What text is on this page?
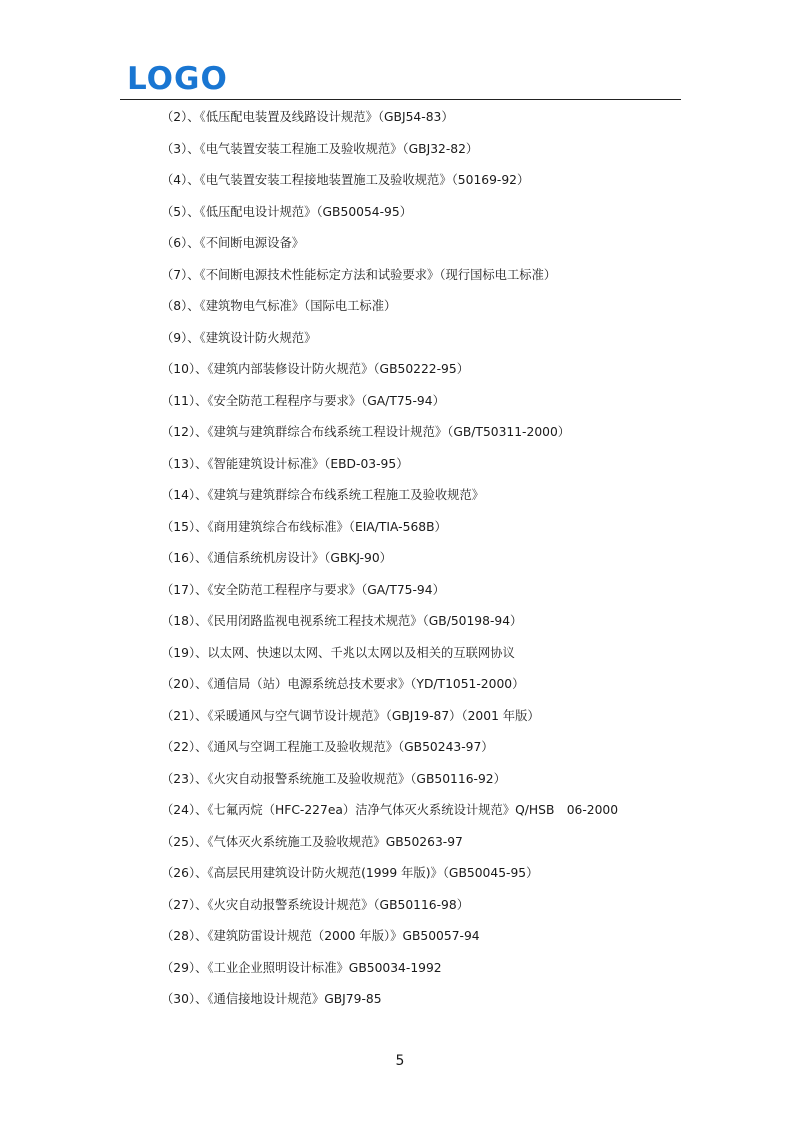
LOGO
（2）、《低压配电装置及线路设计规范》（GBJ54-83）
（3）、《电气装置安装工程施工及验收规范》（GBJ32-82）
（4）、《电气装置安装工程接地装置施工及验收规范》（50169-92）
（5）、《低压配电设计规范》（GB50054-95）
（6）、《不间断电源设备》
（7）、《不间断电源技术性能标定方法和试验要求》（现行国标电工标准）
（8）、《建筑物电气标准》（国际电工标准）
（9）、《建筑设计防火规范》
（10）、《建筑内部装修设计防火规范》（GB50222-95）
（11）、《安全防范工程程序与要求》（GA/T75-94）
（12）、《建筑与建筑群综合布线系统工程设计规范》（GB/T50311-2000）
（13）、《智能建筑设计标准》（EBD-03-95）
（14）、《建筑与建筑群综合布线系统工程施工及验收规范》
（15）、《商用建筑综合布线标准》（EIA/TIA-568B）
（16）、《通信系统机房设计》（GBKJ-90）
（17）、《安全防范工程程序与要求》（GA/T75-94）
（18）、《民用闭路监视电视系统工程技术规范》（GB/50198-94）
（19）、以太网、快速以太网、千兆以太网以及相关的互联网协议
（20）、《通信局（站）电源系统总技术要求》（YD/T1051-2000）
（21）、《采暖通风与空气调节设计规范》（GBJ19-87）（2001 年版）
（22）、《通风与空调工程施工及验收规范》（GB50243-97）
（23）、《火灾自动报警系统施工及验收规范》（GB50116-92）
（24）、《七氟丙烷（HFC-227ea）洁净气体灭火系统设计规范》Q/HSB　06-2000
（25）、《气体灭火系统施工及验收规范》GB50263-97
（26）、《高层民用建筑设计防火规范(1999 年版)》（GB50045-95）
（27）、《火灾自动报警系统设计规范》（GB50116-98）
（28）、《建筑防雷设计规范（2000 年版）》GB50057-94
（29）、《工业企业照明设计标准》GB50034-1992
（30）、《通信接地设计规范》GBJ79-85
5
